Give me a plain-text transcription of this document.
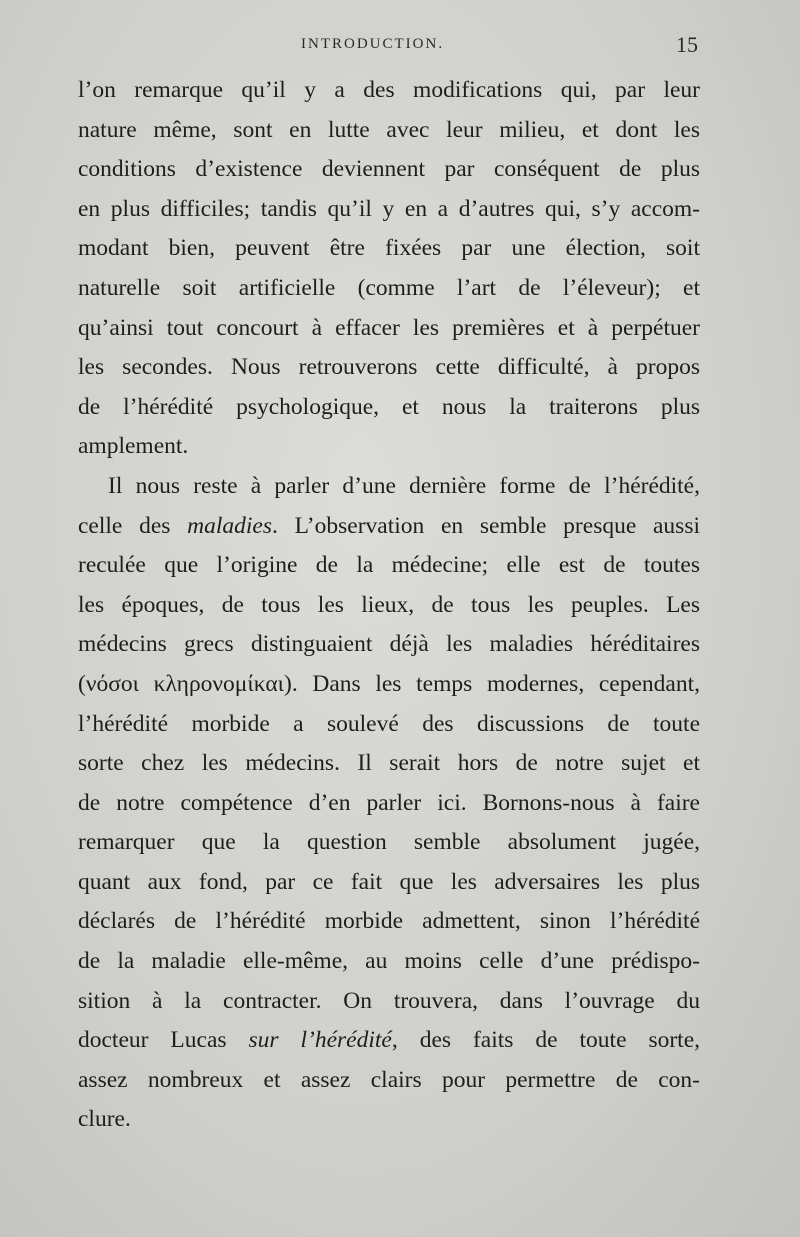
INTRODUCTION.	15
l’on remarque qu’il y a des modifications qui, par leur
nature même, sont en lutte avec leur milieu, et dont les
conditions d’existence deviennent par conséquent de plus
en plus difficiles; tandis qu’il y en a d’autres qui, s’y accom-
modant bien, peuvent être fixées par une élection, soit
naturelle soit artificielle (comme l’art de l’éleveur); et
qu’ainsi tout concourt à effacer les premières et à perpétuer
les secondes. Nous retrouverons cette difficulté, à propos
de l’hérédité psychologique, et nous la traiterons plus
amplement.
Il nous reste à parler d’une dernière forme de l’hérédité,
celle des maladies. L’observation en semble presque aussi
reculée que l’origine de la médecine; elle est de toutes
les époques, de tous les lieux, de tous les peuples. Les
médecins grecs distinguaient déjà les maladies héréditaires
(νόσοι κληρονομίκαι). Dans les temps modernes, cependant,
l’hérédité morbide a soulevé des discussions de toute
sorte chez les médecins. Il serait hors de notre sujet et
de notre compétence d’en parler ici. Bornons-nous à faire
remarquer que la question semble absolument jugée,
quant aux fond, par ce fait que les adversaires les plus
déclarés de l’hérédité morbide admettent, sinon l’hérédité
de la maladie elle-même, au moins celle d’une prédispo-
sition à la contracter. On trouvera, dans l’ouvrage du
docteur Lucas sur l’hérédité, des faits de toute sorte,
assez nombreux et assez clairs pour permettre de con-
clure.
